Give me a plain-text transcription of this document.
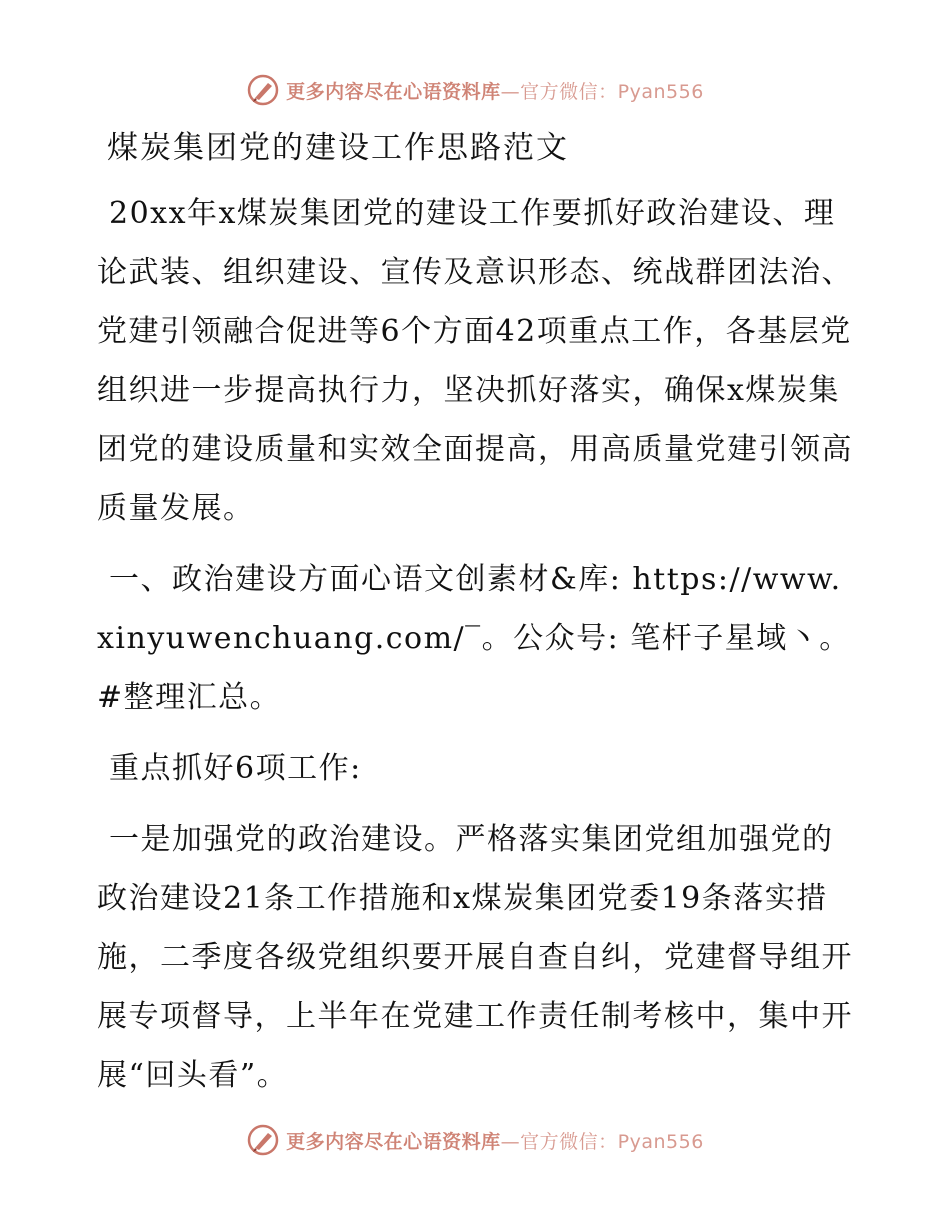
更多内容尽在心语资料库—官方微信：Pyan556
煤炭集团党的建设工作思路范文

20xx年x煤炭集团党的建设工作要抓好政治建设、理论武装、组织建设、宣传及意识形态、统战群团法治、党建引领融合促进等6个方面42项重点工作，各基层党组织进一步提高执行力，坚决抓好落实，确保x煤炭集团党的建设质量和实效全面提高，用高质量党建引领高质量发展。

一、政治建设方面心语文创素材&库: https://www.xinyuwenchuang.com/‾。公众号: 笔杆子星域丶。#整理汇总。

重点抓好6项工作:

一是加强党的政治建设。严格落实集团党组加强党的政治建设21条工作措施和x煤炭集团党委19条落实措施，二季度各级党组织要开展自查自纠，党建督导组开展专项督导，上半年在党建工作责任制考核中，集中开展“回头看”。

更多内容尽在心语资料库—官方微信：Pyan556
